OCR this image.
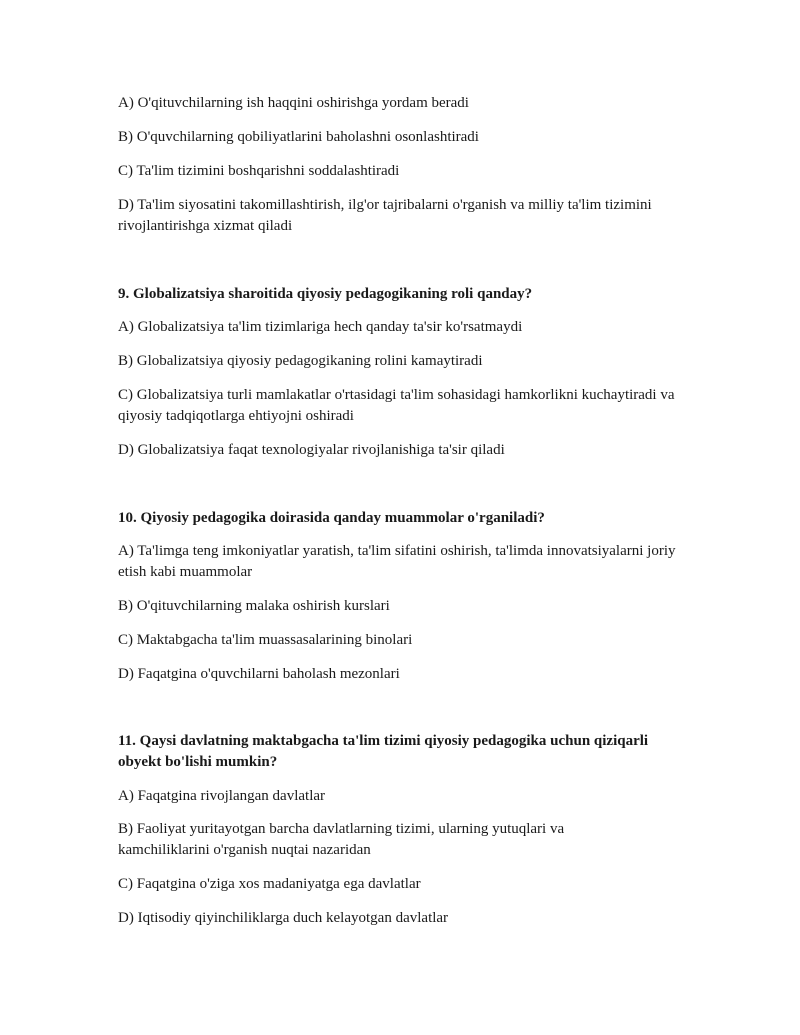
A) O'qituvchilarning ish haqqini oshirishga yordam beradi

B) O'quvchilarning qobiliyatlarini baholashni osonlashtiradi

C) Ta'lim tizimini boshqarishni soddalashtiradi

D) Ta'lim siyosatini takomillashtirish, ilg'or tajribalarni o'rganish va milliy ta'lim tizimini rivojlantirishga xizmat qiladi

9. Globalizatsiya sharoitida qiyosiy pedagogikaning roli qanday?

A) Globalizatsiya ta'lim tizimlariga hech qanday ta'sir ko'rsatmaydi

B) Globalizatsiya qiyosiy pedagogikaning rolini kamaytiradi

C) Globalizatsiya turli mamlakatlar o'rtasidagi ta'lim sohasidagi hamkorlikni kuchaytiradi va qiyosiy tadqiqotlarga ehtiyojni oshiradi

D) Globalizatsiya faqat texnologiyalar rivojlanishiga ta'sir qiladi

10. Qiyosiy pedagogika doirasida qanday muammolar o'rganiladi?

A) Ta'limga teng imkoniyatlar yaratish, ta'lim sifatini oshirish, ta'limda innovatsiyalarni joriy etish kabi muammolar

B) O'qituvchilarning malaka oshirish kurslari

C) Maktabgacha ta'lim muassasalarining binolari

D) Faqatgina o'quvchilarni baholash mezonlari

11. Qaysi davlatning maktabgacha ta'lim tizimi qiyosiy pedagogika uchun qiziqarli obyekt bo'lishi mumkin?

A) Faqatgina rivojlangan davlatlar

B) Faoliyat yuritayotgan barcha davlatlarning tizimi, ularning yutuqlari va kamchiliklarini o'rganish nuqtai nazaridan

C) Faqatgina o'ziga xos madaniyatga ega davlatlar

D) Iqtisodiy qiyinchiliklarga duch kelayotgan davlatlar
